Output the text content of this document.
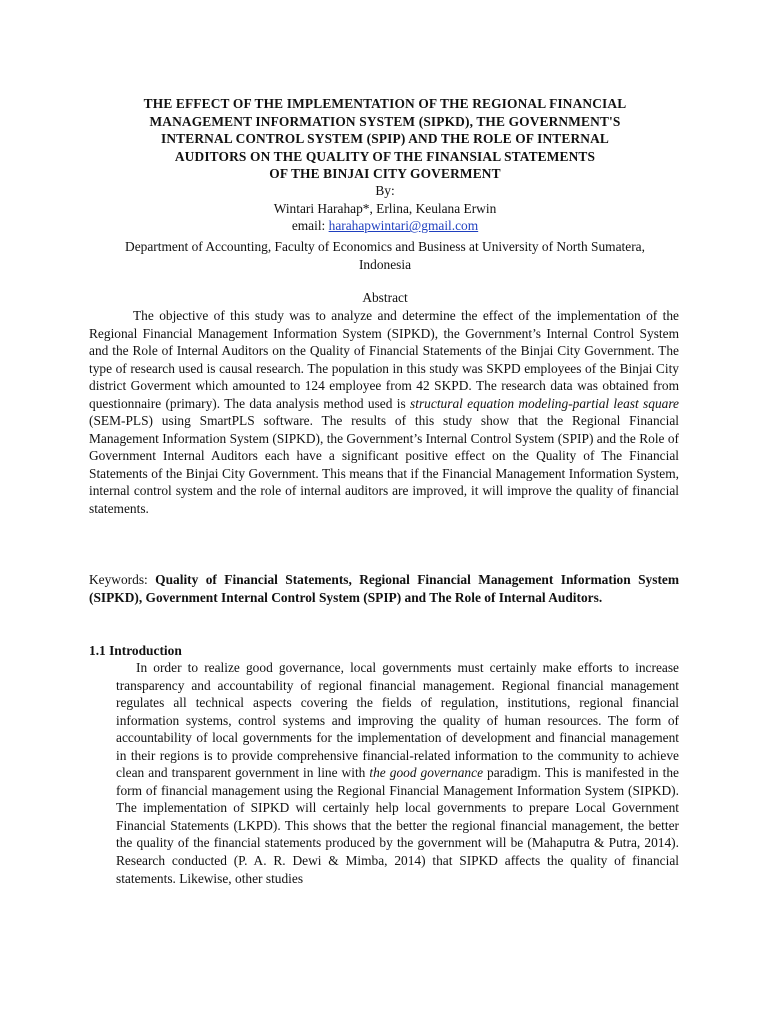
THE EFFECT OF THE IMPLEMENTATION OF THE REGIONAL FINANCIAL
MANAGEMENT INFORMATION SYSTEM (SIPKD), THE GOVERNMENT'S
INTERNAL CONTROL SYSTEM (SPIP) AND THE ROLE OF INTERNAL
AUDITORS ON THE QUALITY OF THE FINANSIAL STATEMENTS
OF THE BINJAI CITY GOVERMENT
By:
Wintari Harahap*, Erlina, Keulana Erwin
email: harahapwintari@gmail.com
Department of Accounting, Faculty of Economics and Business at University of North Sumatera,
Indonesia
Abstract

The objective of this study was to analyze and determine the effect of the implementation of the Regional Financial Management Information System (SIPKD), the Government’s Internal Control System and the Role of Internal Auditors on the Quality of Financial Statements of the Binjai City Government. The type of research used is causal research. The population in this study was SKPD employees of the Binjai City district Goverment which amounted to 124 employee from 42 SKPD. The research data was obtained from questionnaire (primary). The data analysis method used is structural equation modeling-partial least square (SEM-PLS) using SmartPLS software. The results of this study show that the Regional Financial Management Information System (SIPKD), the Government’s Internal Control System (SPIP) and the Role of Government Internal Auditors each have a significant positive effect on the Quality of The Financial Statements of the Binjai City Government. This means that if the Financial Management Information System, internal control system and the role of internal auditors are improved, it will improve the quality of financial statements.

Keywords: Quality of Financial Statements, Regional Financial Management Information System (SIPKD), Government Internal Control System (SPIP) and The Role of Internal Auditors.

1.1 Introduction

In order to realize good governance, local governments must certainly make efforts to increase transparency and accountability of regional financial management. Regional financial management regulates all technical aspects covering the fields of regulation, institutions, regional financial information systems, control systems and improving the quality of human resources. The form of accountability of local governments for the implementation of development and financial management in their regions is to provide comprehensive financial-related information to the community to achieve clean and transparent government in line with the good governance paradigm. This is manifested in the form of financial management using the Regional Financial Management Information System (SIPKD). The implementation of SIPKD will certainly help local governments to prepare Local Government Financial Statements (LKPD). This shows that the better the regional financial management, the better the quality of the financial statements produced by the government will be (Mahaputra & Putra, 2014). Research conducted (P. A. R. Dewi & Mimba, 2014) that SIPKD affects the quality of financial statements. Likewise, other studies
